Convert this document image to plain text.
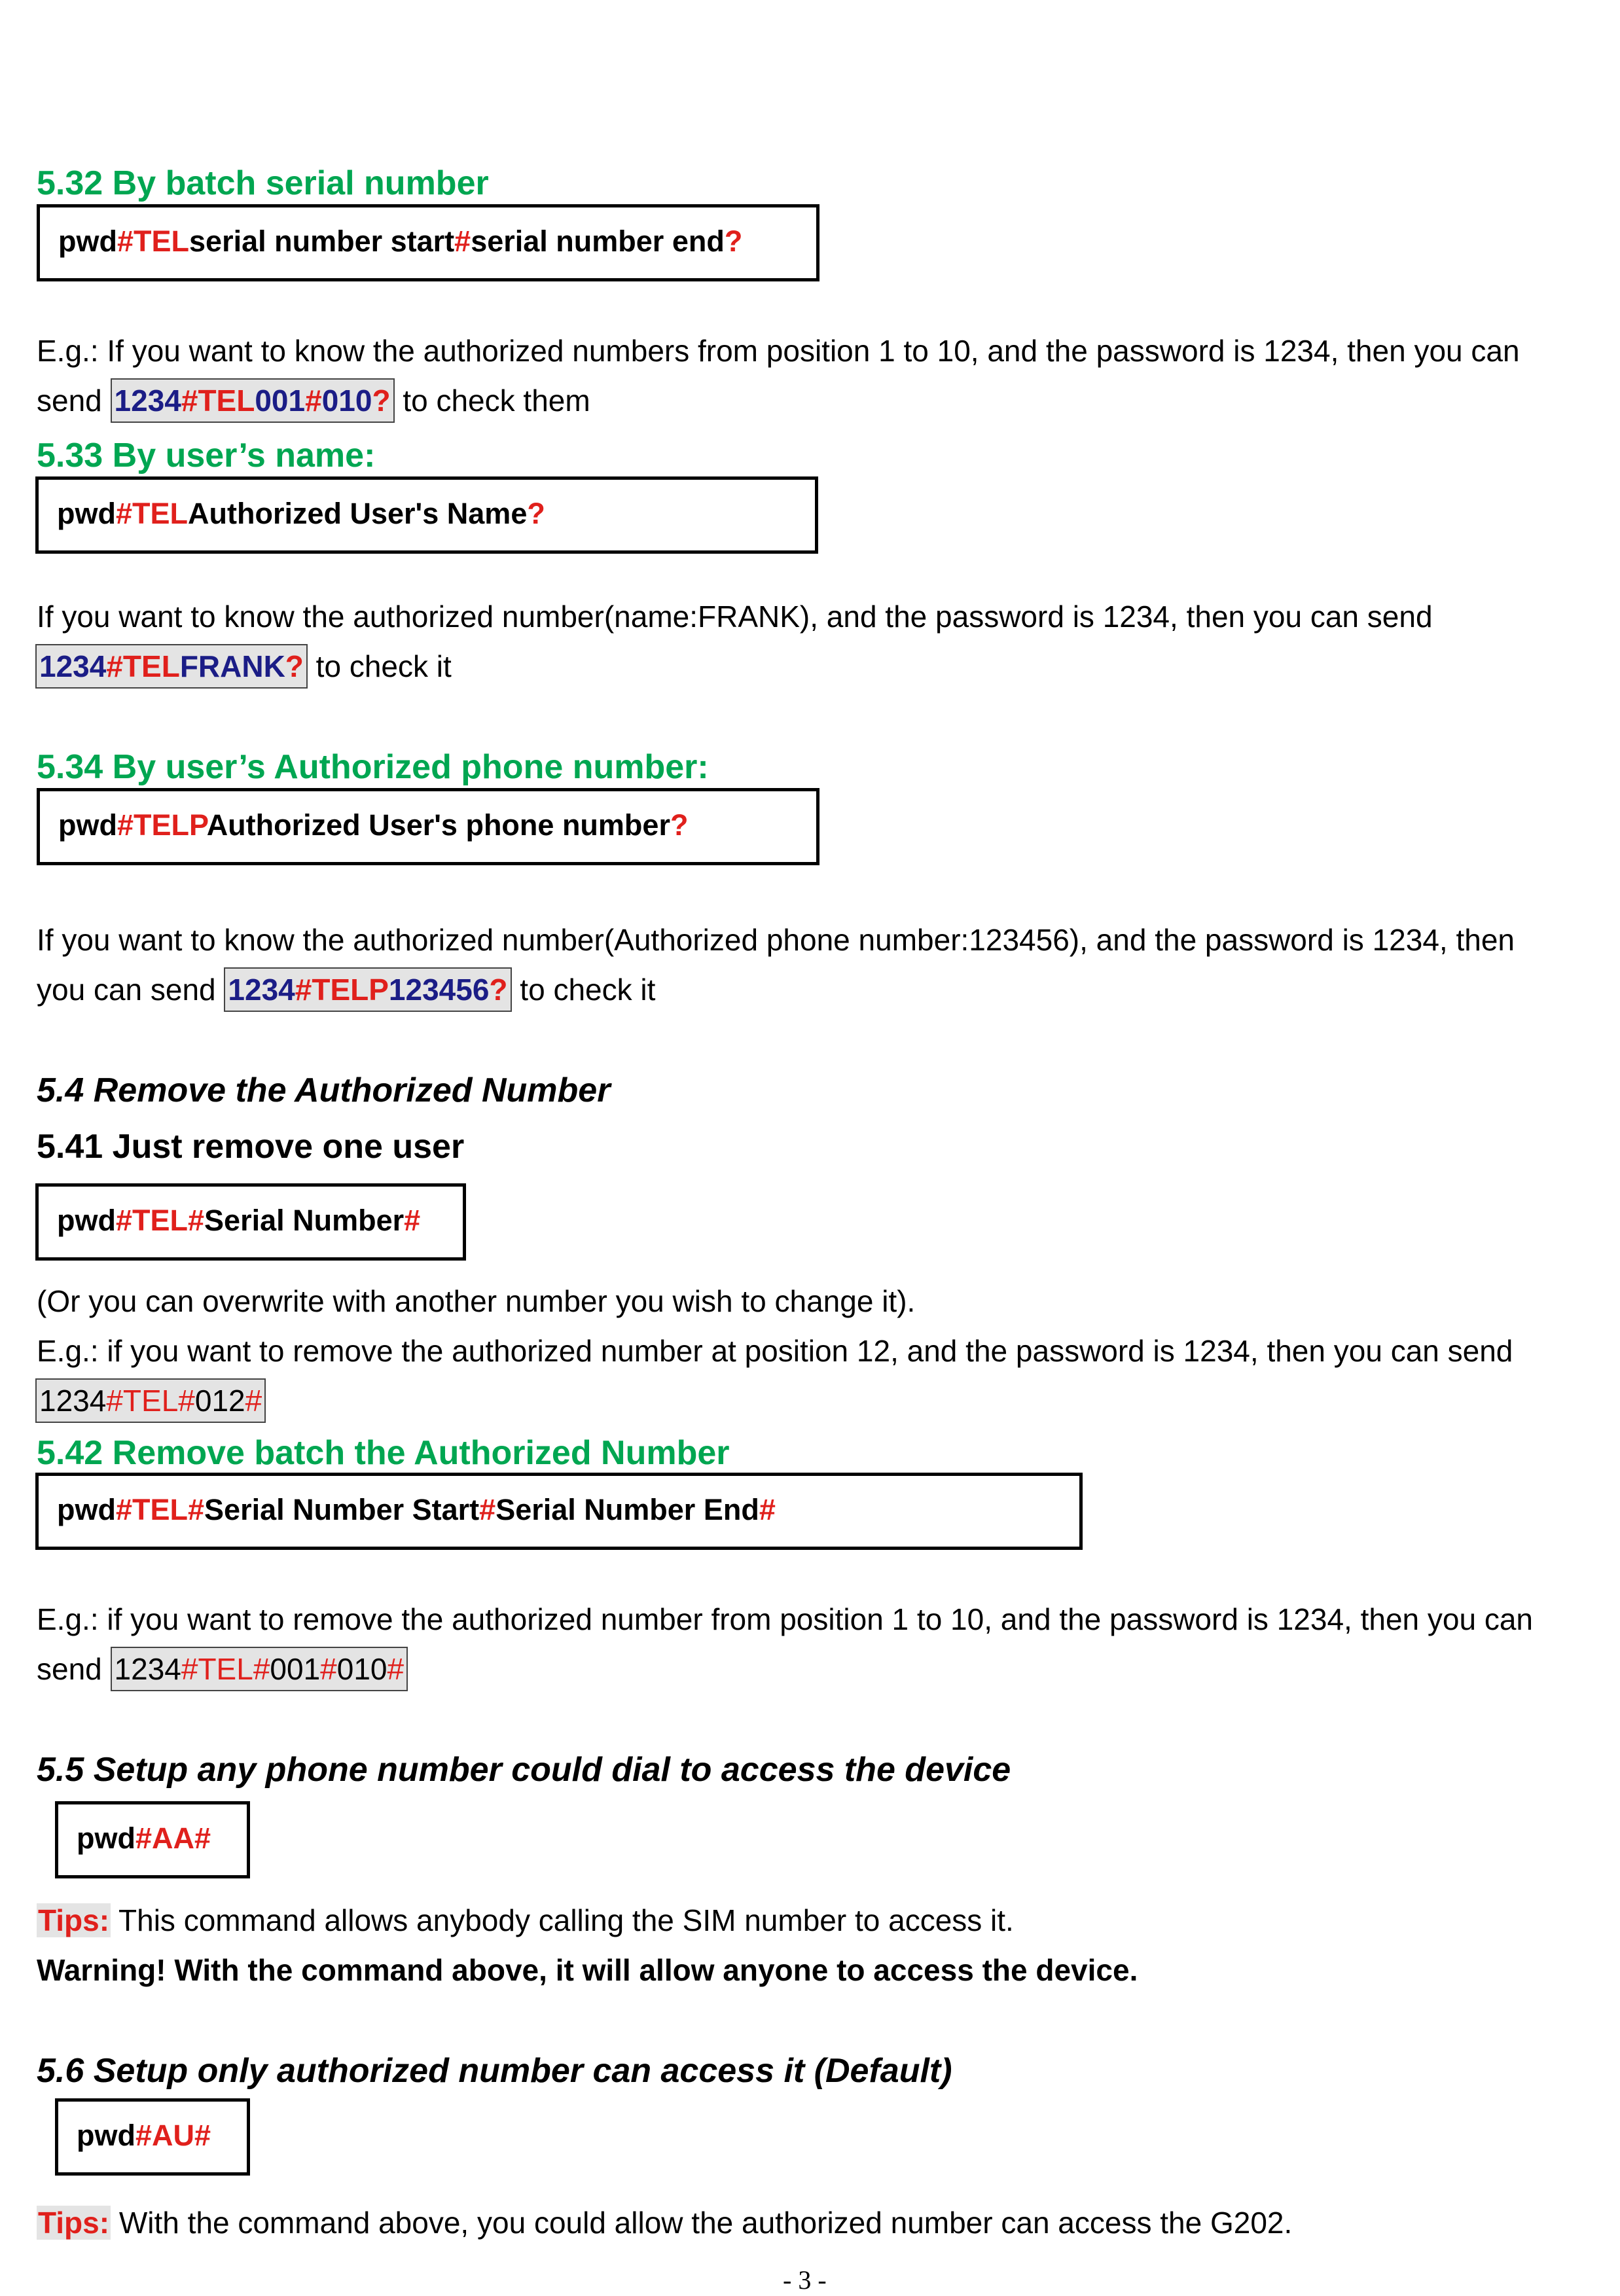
5.32 By batch serial number
pwd#TELserial number start#serial number end?
E.g.: If you want to know the authorized numbers from position 1 to 10, and the password is 1234, then you can
send 1234#TEL001#010? to check them
5.33 By user’s name:
pwd#TELAuthorized User's Name?
If you want to know the authorized number(name:FRANK), and the password is 1234, then you can send
1234#TELFRANK? to check it
5.34 By user’s Authorized phone number:
pwd#TELPAuthorized User's phone number?
If you want to know the authorized number(Authorized phone number:123456), and the password is 1234, then
you can send 1234#TELP123456? to check it
5.4 Remove the Authorized Number
5.41 Just remove one user
pwd#TEL#Serial Number#
(Or you can overwrite with another number you wish to change it).
E.g.: if you want to remove the authorized number at position 12, and the password is 1234, then you can send
1234#TEL#012#
5.42 Remove batch the Authorized Number
pwd#TEL#Serial Number Start#Serial Number End#
E.g.: if you want to remove the authorized number from position 1 to 10, and the password is 1234, then you can
send 1234#TEL#001#010#
5.5 Setup any phone number could dial to access the device
pwd#AA#
Tips: This command allows anybody calling the SIM number to access it.
Warning! With the command above, it will allow anyone to access the device.
5.6 Setup only authorized number can access it (Default)
pwd#AU#
Tips: With the command above, you could allow the authorized number can access the G202.
- 3 -
